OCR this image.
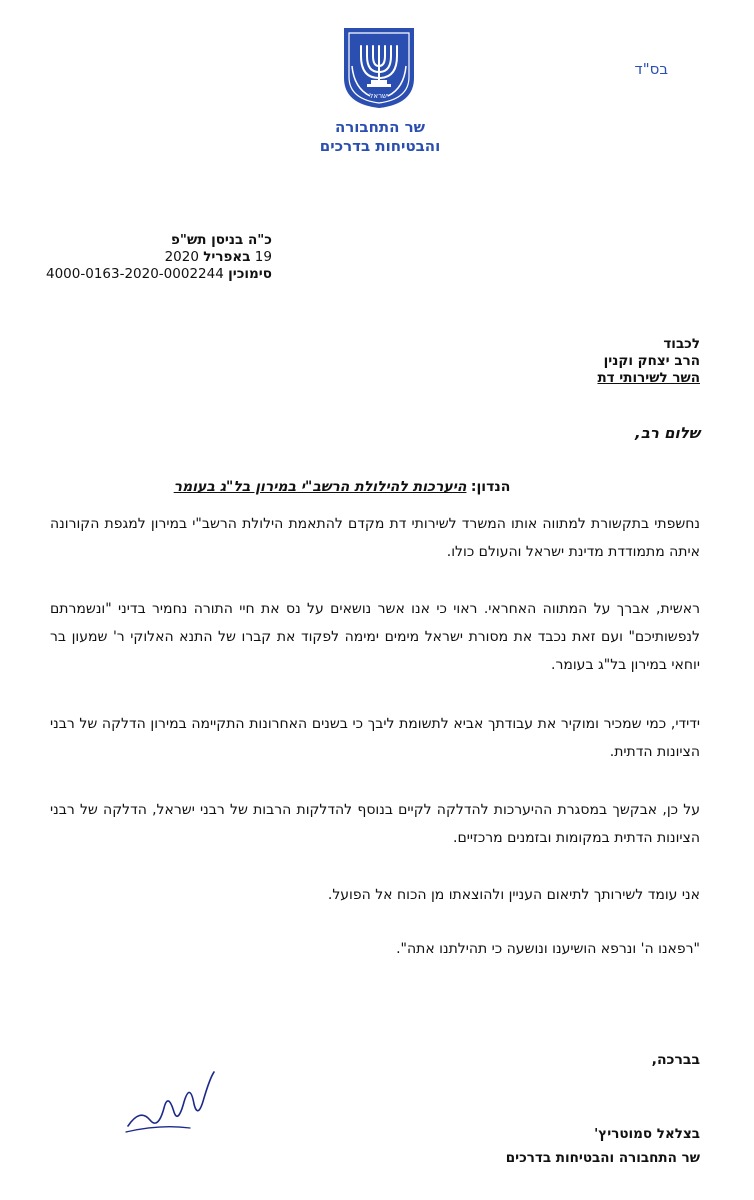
ישראל
שר התחבורה
והבטיחות בדרכים
בס"ד
כ"ה בניסן תש"פ
19 באפריל 2020
סימוכין 4000-0163-2020-0002244
לכבוד
הרב יצחק וקנין
השר לשירותי דת
שלום רב,
הנדון: היערכות להילולת הרשב"י במירון בל"ג בעומר
נחשפתי בתקשורת למתווה אותו המשרד לשירותי דת מקדם להתאמת הילולת הרשב"י במירון למגפת הקורונה איתה מתמודדת מדינת ישראל והעולם כולו.
ראשית, אברך על המתווה האחראי. ראוי כי אנו אשר נושאים על נס את חיי התורה נחמיר בדיני "ונשמרתם לנפשותיכם" ועם זאת נכבד את מסורת ישראל מימים ימימה לפקוד את קברו של התנא האלוקי ר' שמעון בר יוחאי במירון בל"ג בעומר.
ידידי, כמי שמכיר ומוקיר את עבודתך אביא לתשומת ליבך כי בשנים האחרונות התקיימה במירון הדלקה של רבני הציונות הדתית.
על כן, אבקשך במסגרת ההיערכות להדלקה לקיים בנוסף להדלקות הרבות של רבני ישראל, הדלקה של רבני הציונות הדתית במקומות ובזמנים מרכזיים.
אני עומד לשירותך לתיאום העניין ולהוצאתו מן הכוח אל הפועל.
"רפאנו ה' ונרפא הושיענו ונושעה כי תהילתנו אתה".
בברכה,
בצלאל סמוטריץ'
שר התחבורה והבטיחות בדרכים
